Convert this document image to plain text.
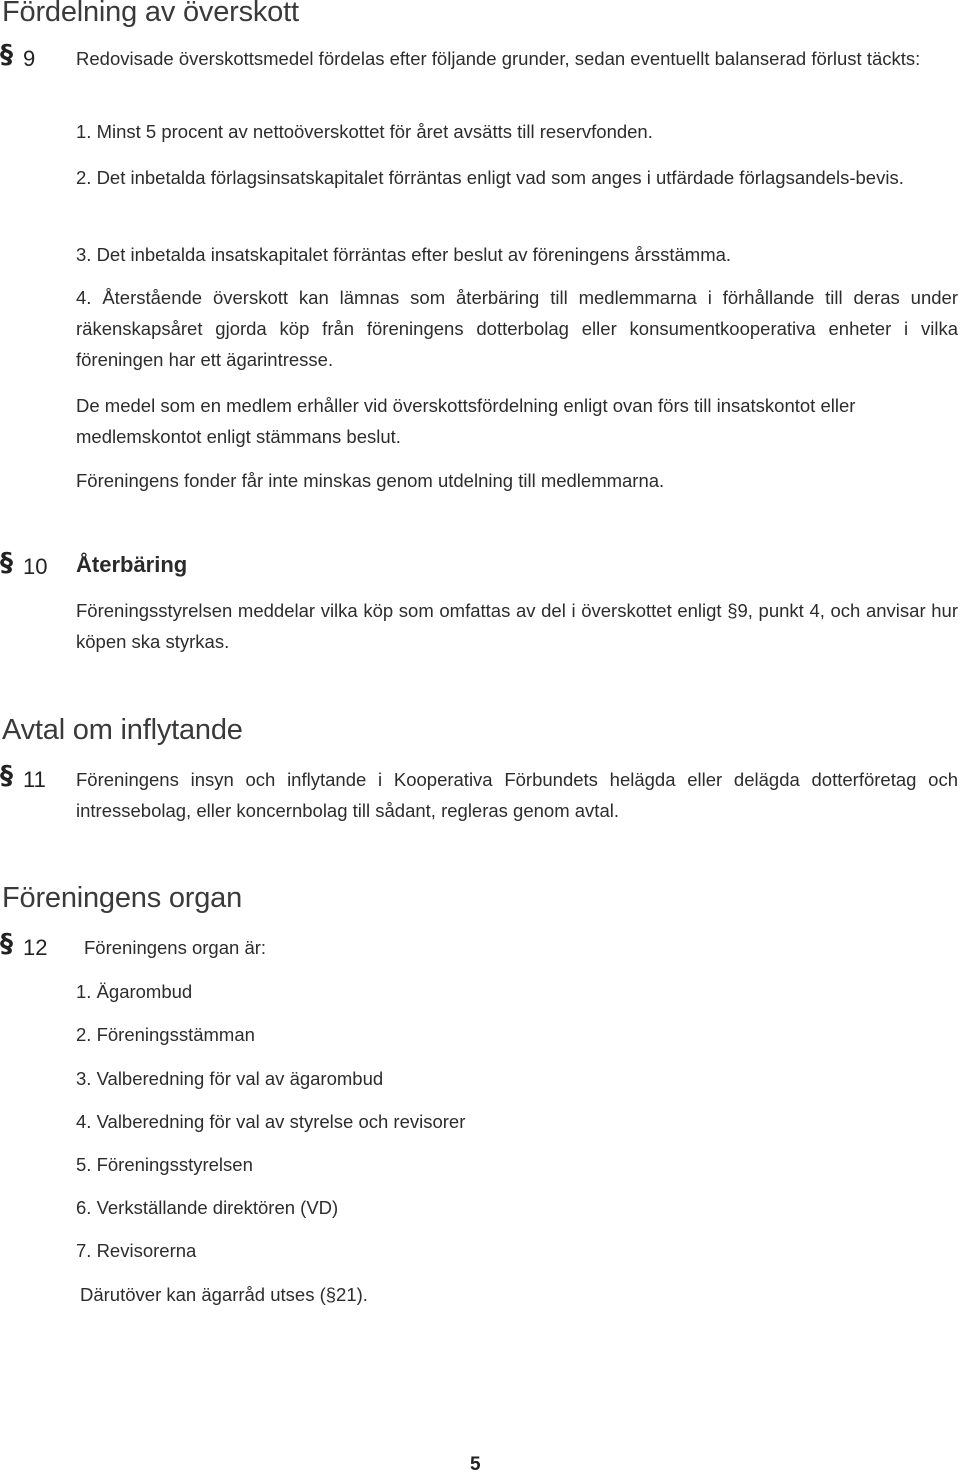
Fördelning av överskott
§ 9 Redovisade överskottsmedel fördelas efter följande grunder, sedan eventuellt balanserad förlust täckts:

1. Minst 5 procent av nettoöverskottet för året avsätts till reservfonden.

2. Det inbetalda förlagsinsatskapitalet förräntas enligt vad som anges i utfärdade förlagsandels-bevis.

3. Det inbetalda insatskapitalet förräntas efter beslut av föreningens årsstämma.

4. Återstående överskott kan lämnas som återbäring till medlemmarna i förhållande till deras under räkenskapsåret gjorda köp från föreningens dotterbolag eller konsumentkooperativa enheter i vilka föreningen har ett ägarintresse.

De medel som en medlem erhåller vid överskottsfördelning enligt ovan förs till insatskontot eller medlemskontot enligt stämmans beslut.

Föreningens fonder får inte minskas genom utdelning till medlemmarna.

§ 10 Återbäring

Föreningsstyrelsen meddelar vilka köp som omfattas av del i överskottet enligt §9, punkt 4, och anvisar hur köpen ska styrkas.

Avtal om inflytande
§ 11 Föreningens insyn och inflytande i Kooperativa Förbundets helägda eller delägda dotterföretag och intressebolag, eller koncernbolag till sådant, regleras genom avtal.

Föreningens organ
§ 12 Föreningens organ är:

1. Ägarombud

2. Föreningsstämman

3. Valberedning för val av ägarombud

4. Valberedning för val av styrelse och revisorer

5. Föreningsstyrelsen

6. Verkställande direktören (VD)

7. Revisorerna

Därutöver kan ägarråd utses (§21).

5
